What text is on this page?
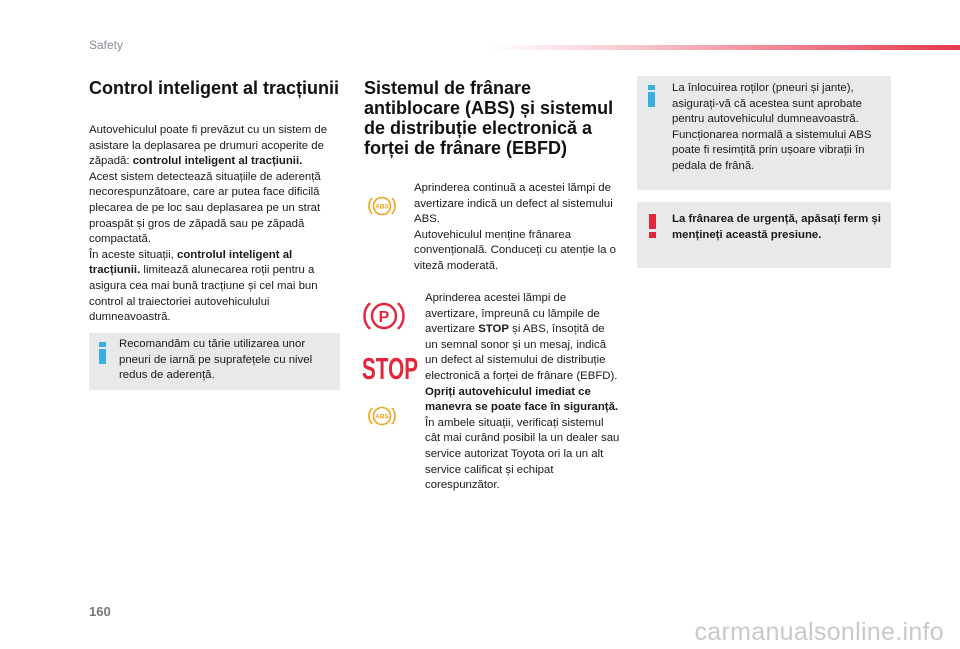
Safety
Control inteligent al tracțiunii
Autovehiculul poate fi prevăzut cu un sistem de asistare la deplasarea pe drumuri acoperite de zăpadă: controlul inteligent al tracțiunii.
Acest sistem detectează situațiile de aderență necorespunzătoare, care ar putea face dificilă plecarea de pe loc sau deplasarea pe un strat proaspăt și gros de zăpadă sau pe zăpadă compactată.
În aceste situații, controlul inteligent al tracțiunii. limitează alunecarea roții pentru a asigura cea mai bună tracțiune și cel mai bun control al traiectoriei autovehiculului dumneavoastră.
Recomandăm cu tărie utilizarea unor pneuri de iarnă pe suprafețele cu nivel redus de aderență.
Sistemul de frânare antiblocare (ABS) și sistemul de distribuție electronică a forței de frânare (EBFD)
ABS
Aprinderea continuă a acestei lămpi de avertizare indică un defect al sistemului ABS.
Autovehiculul menține frânarea convențională. Conduceți cu atenție la o viteză moderată.
P
STOP
ABS
Aprinderea acestei lămpi de avertizare, împreună cu lămpile de avertizare STOP și ABS, însoțită de un semnal sonor și un mesaj, indică un defect al sistemului de distribuție electronică a forței de frânare (EBFD).
Opriți autovehiculul imediat ce manevra se poate face în siguranță.
În ambele situații, verificați sistemul cât mai curând posibil la un dealer sau service autorizat Toyota ori la un alt service calificat și echipat corespunzător.
La înlocuirea roților (pneuri și jante), asigurați-vă că acestea sunt aprobate pentru autovehiculul dumneavoastră. Funcționarea normală a sistemului ABS poate fi resimțită prin ușoare vibrații în pedala de frână.
La frânarea de urgență, apăsați ferm și mențineți această presiune.
160
carmanualsonline.info
